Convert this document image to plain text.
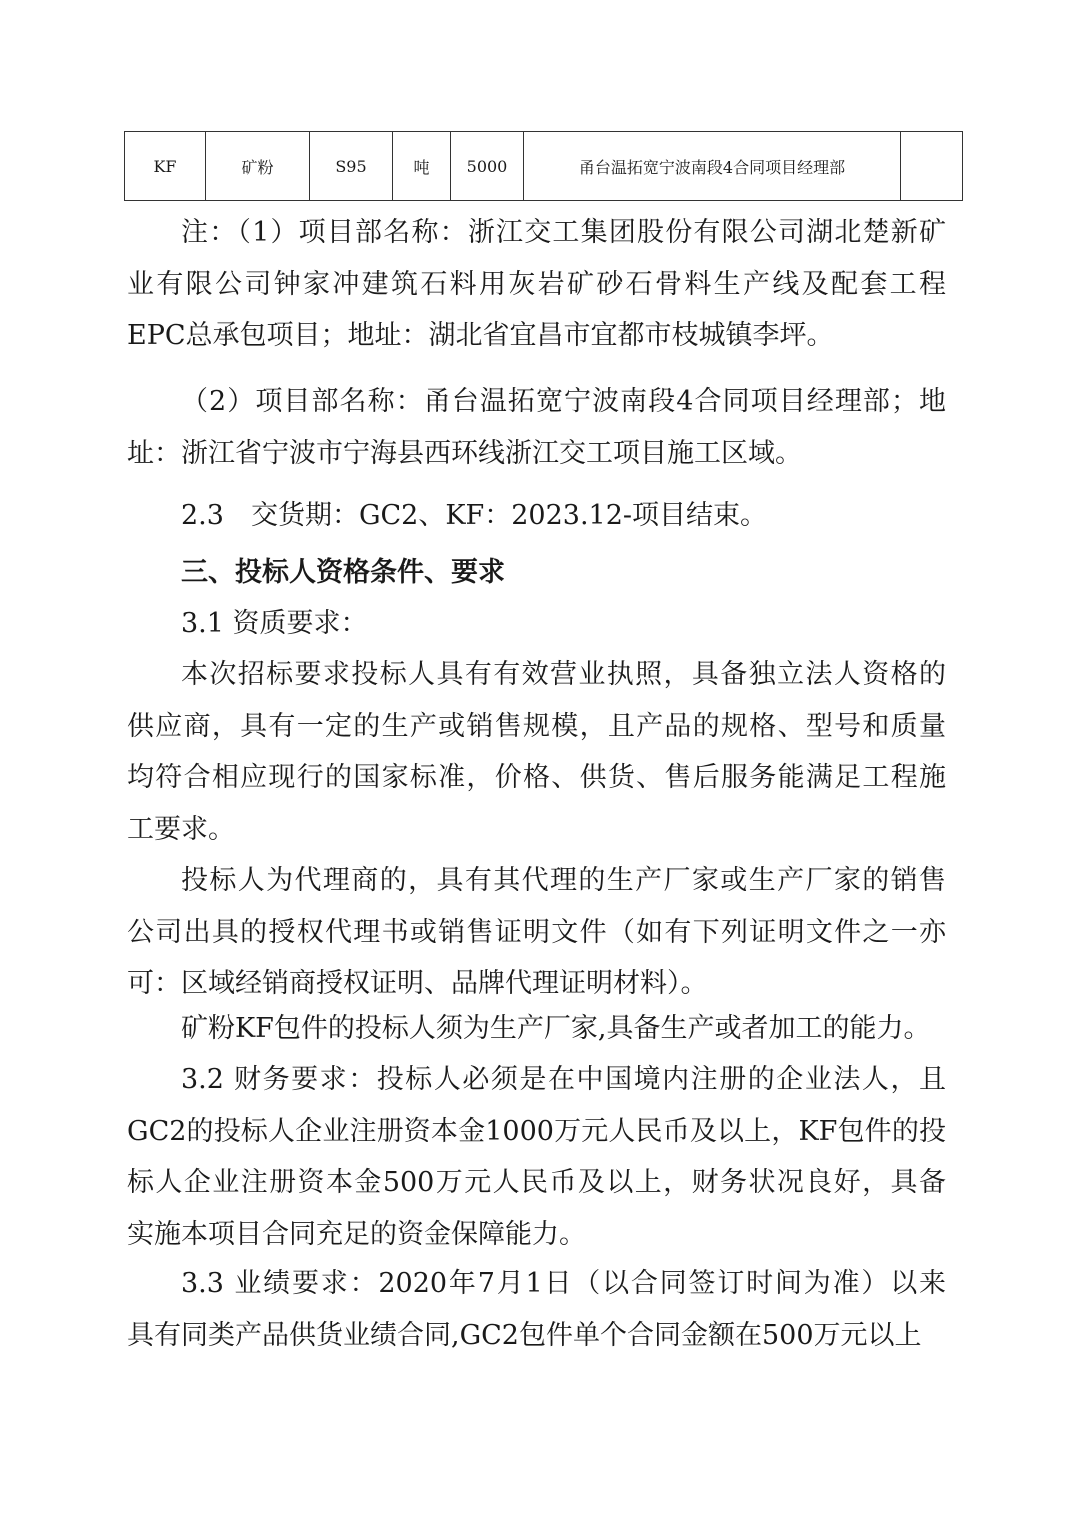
KF	矿粉	S95	吨	5000	甬台温拓宽宁波南段4合同项目经理部	
注：（1）项目部名称：浙江交工集团股份有限公司湖北楚新矿
业有限公司钟家冲建筑石料用灰岩矿砂石骨料生产线及配套工程
EPC总承包项目；地址：湖北省宜昌市宜都市枝城镇李坪。
（2）项目部名称：甬台温拓宽宁波南段4合同项目经理部；地
址：浙江省宁波市宁海县西环线浙江交工项目施工区域。
2.3　交货期：GC2、KF：2023.12-项目结束。
三、投标人资格条件、要求
3.1 资质要求：
本次招标要求投标人具有有效营业执照，具备独立法人资格的
供应商，具有一定的生产或销售规模，且产品的规格、型号和质量
均符合相应现行的国家标准，价格、供货、售后服务能满足工程施
工要求。
投标人为代理商的，具有其代理的生产厂家或生产厂家的销售
公司出具的授权代理书或销售证明文件（如有下列证明文件之一亦
可：区域经销商授权证明、品牌代理证明材料）。
矿粉KF包件的投标人须为生产厂家,具备生产或者加工的能力。
3.2 财务要求：投标人必须是在中国境内注册的企业法人，且
GC2的投标人企业注册资本金1000万元人民币及以上，KF包件的投
标人企业注册资本金500万元人民币及以上，财务状况良好，具备
实施本项目合同充足的资金保障能力。
3.3 业绩要求：2020年7月1日（以合同签订时间为准）以来
具有同类产品供货业绩合同,GC2包件单个合同金额在500万元以上
